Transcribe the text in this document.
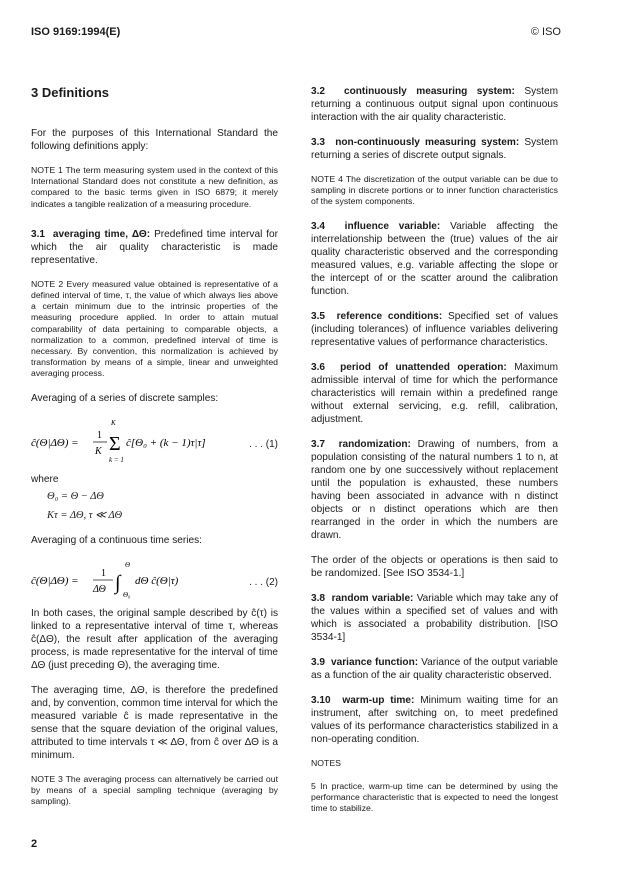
ISO 9169:1994(E)	© ISO
3 Definitions
For the purposes of this International Standard the following definitions apply:
NOTE 1 The term measuring system used in the context of this International Standard does not constitute a new definition, as compared to the basic terms given in ISO 6879; it merely indicates a tangible realization of a measuring procedure.
3.1 averaging time, ΔΘ: Predefined time interval for which the air quality characteristic is made representative.
NOTE 2 Every measured value obtained is representative of a defined interval of time, τ, the value of which always lies above a certain minimum due to the intrinsic properties of the measuring procedure applied. In order to attain mutual comparability of data pertaining to comparable objects, a normalization to a common, predefined interval of time is necessary. By convention, this normalization is achieved by transformation by means of a simple, linear and unweighted averaging process.
Averaging of a series of discrete samples:
ĉ(Θ|ΔΘ) =
1
K
K
Σ
k = 1
ĉ[Θ₀ + (k − 1)τ|τ]	. . . (1)
where
Θ₀ = Θ − ΔΘ
Kτ = ΔΘ, τ ≪ ΔΘ
Averaging of a continuous time series:
ĉ(Θ|ΔΘ) =
1
ΔΘ ∫
Θ
Θ₀
dΘ ĉ(Θ|τ)	. . . (2)
In both cases, the original sample described by ĉ(τ) is linked to a representative interval of time τ, whereas ĉ(ΔΘ), the result after application of the averaging process, is made representative for the interval of time ΔΘ (just preceding Θ), the averaging time.
The averaging time, ΔΘ, is therefore the predefined and, by convention, common time interval for which the measured variable ĉ is made representative in the sense that the square deviation of the original values, attributed to time intervals τ ≪ ΔΘ, from ĉ over ΔΘ is a minimum.
NOTE 3 The averaging process can alternatively be carried out by means of a special sampling technique (averaging by sampling).
3.2 continuously measuring system: System returning a continuous output signal upon continuous interaction with the air quality characteristic.
3.3 non-continuously measuring system: System returning a series of discrete output signals.
NOTE 4 The discretization of the output variable can be due to sampling in discrete portions or to inner function characteristics of the system components.
3.4 influence variable: Variable affecting the interrelationship between the (true) values of the air quality characteristic observed and the corresponding measured values, e.g. variable affecting the slope or the intercept of or the scatter around the calibration function.
3.5 reference conditions: Specified set of values (including tolerances) of influence variables delivering representative values of performance characteristics.
3.6 period of unattended operation: Maximum admissible interval of time for which the performance characteristics will remain within a predefined range without external servicing, e.g. refill, calibration, adjustment.
3.7 randomization: Drawing of numbers, from a population consisting of the natural numbers 1 to n, at random one by one successively without replacement until the population is exhausted, these numbers having been associated in advance with n distinct objects or n distinct operations which are then rearranged in the order in which the numbers are drawn.
The order of the objects or operations is then said to be randomized. [See ISO 3534-1.]
3.8 random variable: Variable which may take any of the values within a specified set of values and with which is associated a probability distribution. [ISO 3534-1]
3.9 variance function: Variance of the output variable as a function of the air quality characteristic observed.
3.10 warm-up time: Minimum waiting time for an instrument, after switching on, to meet predefined values of its performance characteristics stabilized in a non-operating condition.
NOTES
5 In practice, warm-up time can be determined by using the performance characteristic that is expected to need the longest time to stabilize.
2
